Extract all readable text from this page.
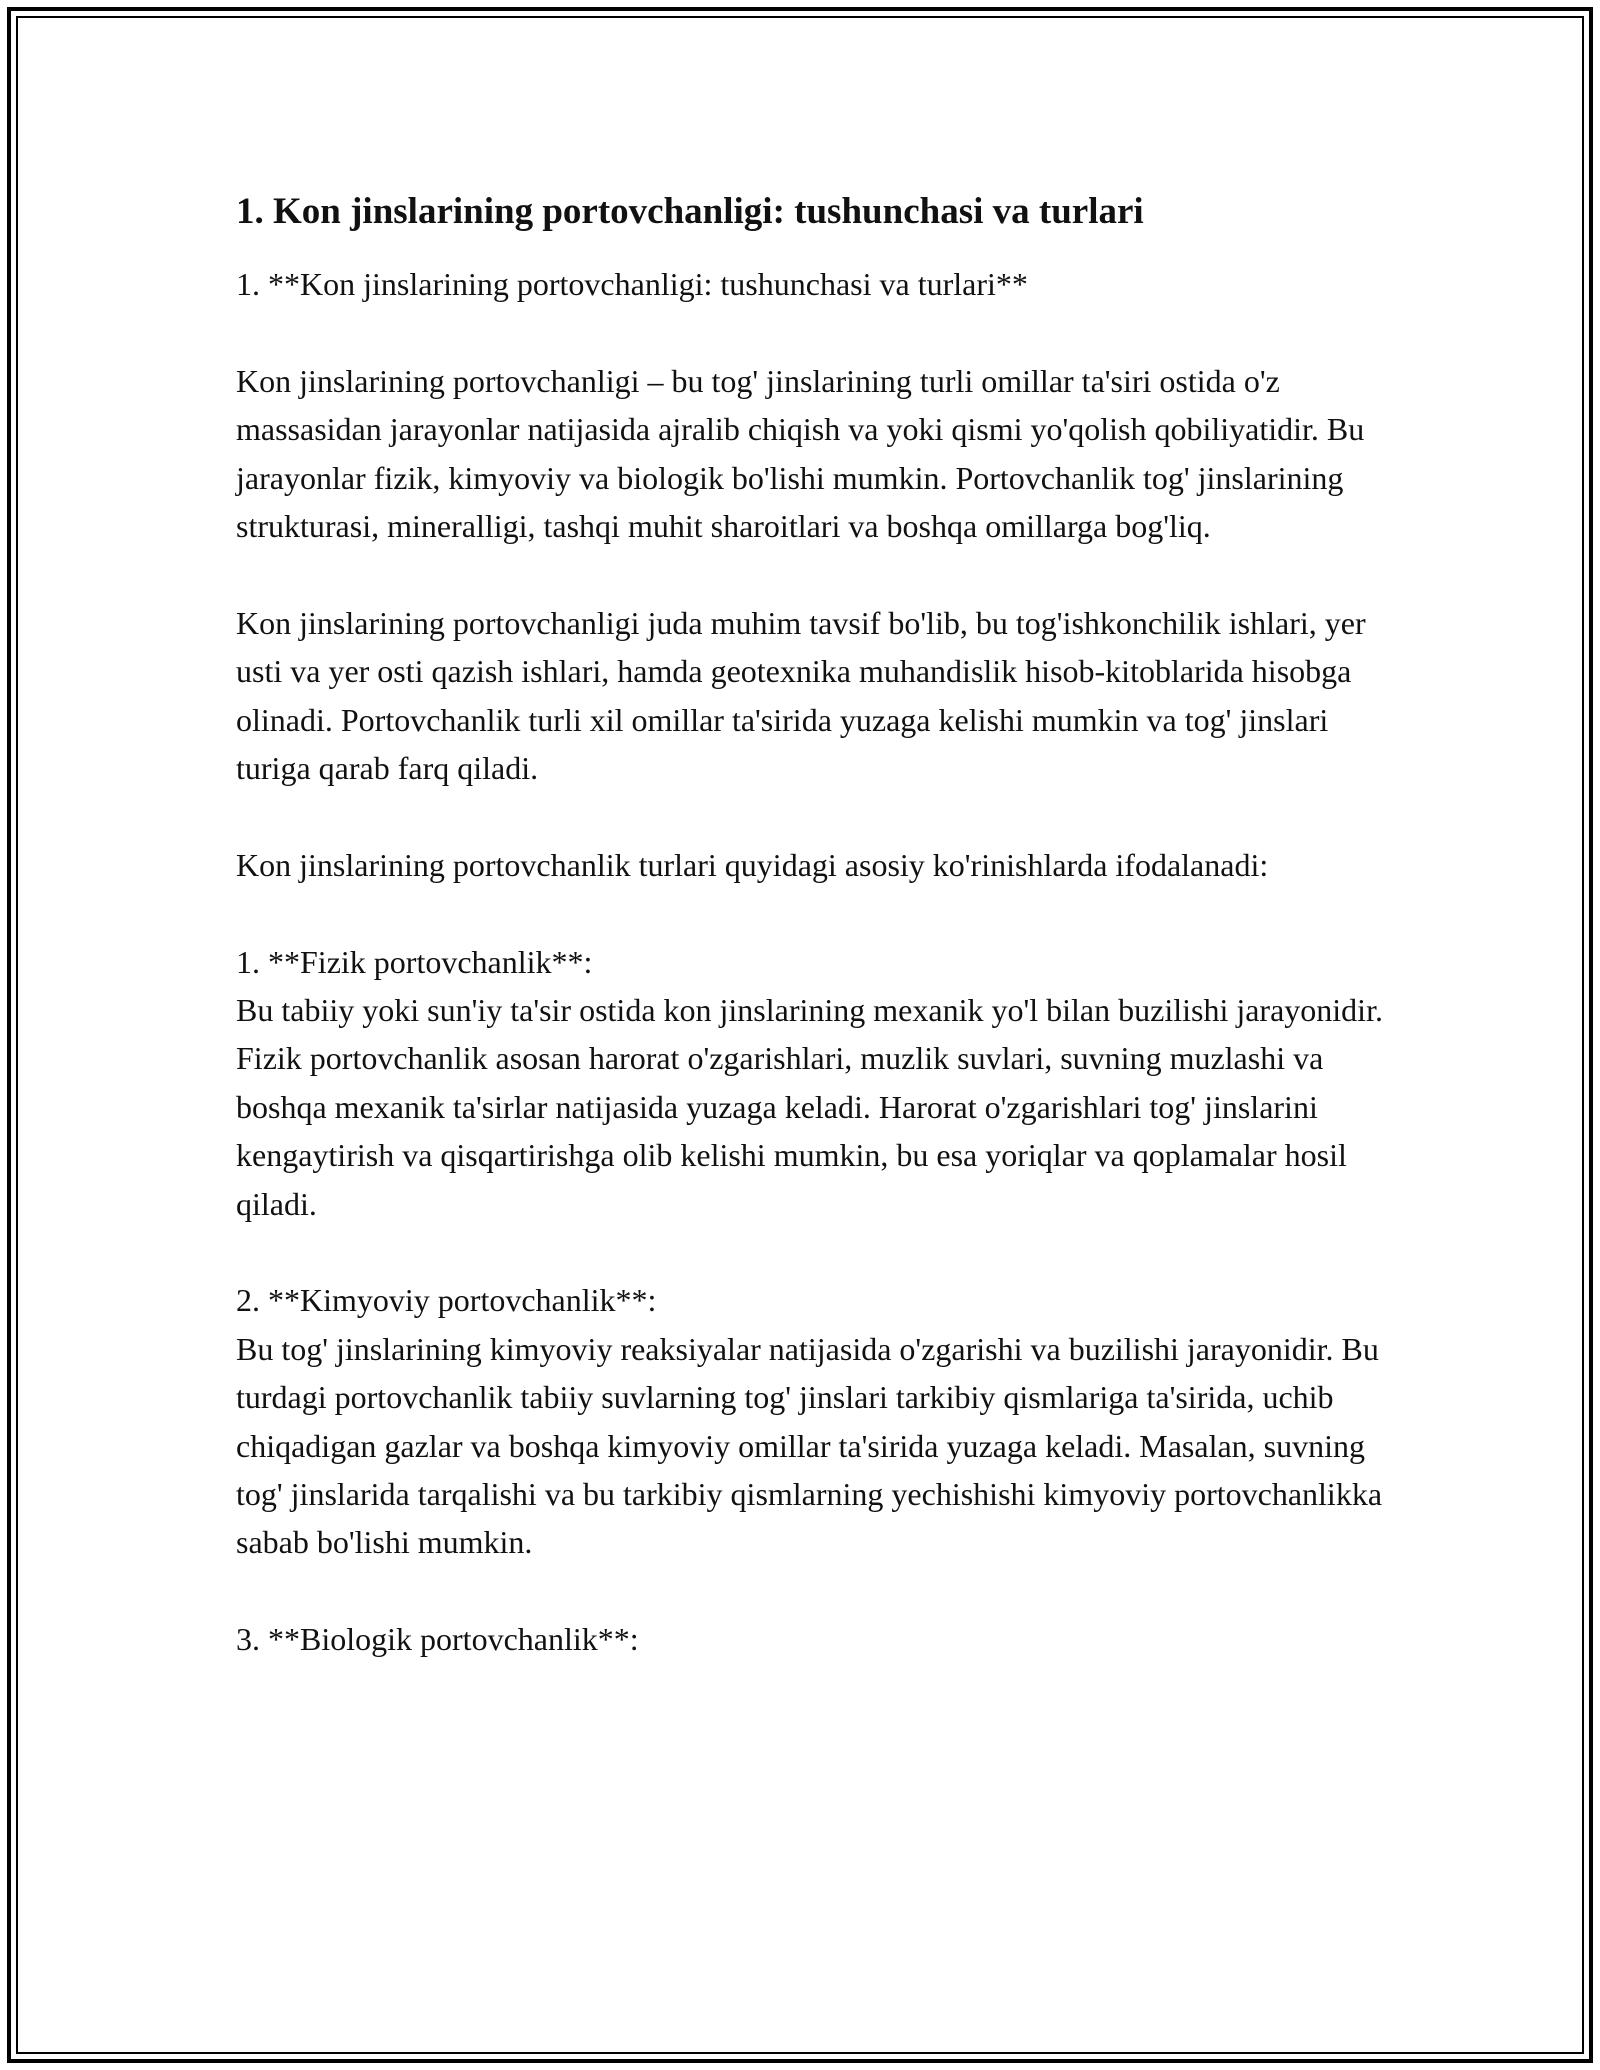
1. Kon jinslarining portovchanligi: tushunchasi va turlari

1. **Kon jinslarining portovchanligi: tushunchasi va turlari**

Kon jinslarining portovchanligi – bu tog' jinslarining turli omillar ta'siri ostida o'z massasidan jarayonlar natijasida ajralib chiqish va yoki qismi yo'qolish qobiliyatidir. Bu jarayonlar fizik, kimyoviy va biologik bo'lishi mumkin. Portovchanlik tog' jinslarining strukturasi, mineralligi, tashqi muhit sharoitlari va boshqa omillarga bog'liq.

Kon jinslarining portovchanligi juda muhim tavsif bo'lib, bu tog'ishkonchilik ishlari, yer usti va yer osti qazish ishlari, hamda geotexnika muhandislik hisob-kitoblarida hisobga olinadi. Portovchanlik turli xil omillar ta'sirida yuzaga kelishi mumkin va tog' jinslari turiga qarab farq qiladi.

Kon jinslarining portovchanlik turlari quyidagi asosiy ko'rinishlarda ifodalanadi:

1. **Fizik portovchanlik**:
Bu tabiiy yoki sun'iy ta'sir ostida kon jinslarining mexanik yo'l bilan buzilishi jarayonidir. Fizik portovchanlik asosan harorat o'zgarishlari, muzlik suvlari, suvning muzlashi va boshqa mexanik ta'sirlar natijasida yuzaga keladi. Harorat o'zgarishlari tog' jinslarini kengaytirish va qisqartirishga olib kelishi mumkin, bu esa yoriqlar va qoplamalar hosil qiladi.

2. **Kimyoviy portovchanlik**:
Bu tog' jinslarining kimyoviy reaksiyalar natijasida o'zgarishi va buzilishi jarayonidir. Bu turdagi portovchanlik tabiiy suvlarning tog' jinslari tarkibiy qismlariga ta'sirida, uchib chiqadigan gazlar va boshqa kimyoviy omillar ta'sirida yuzaga keladi. Masalan, suvning tog' jinslarida tarqalishi va bu tarkibiy qismlarning yechishishi kimyoviy portovchanlikka sabab bo'lishi mumkin.

3. **Biologik portovchanlik**:
